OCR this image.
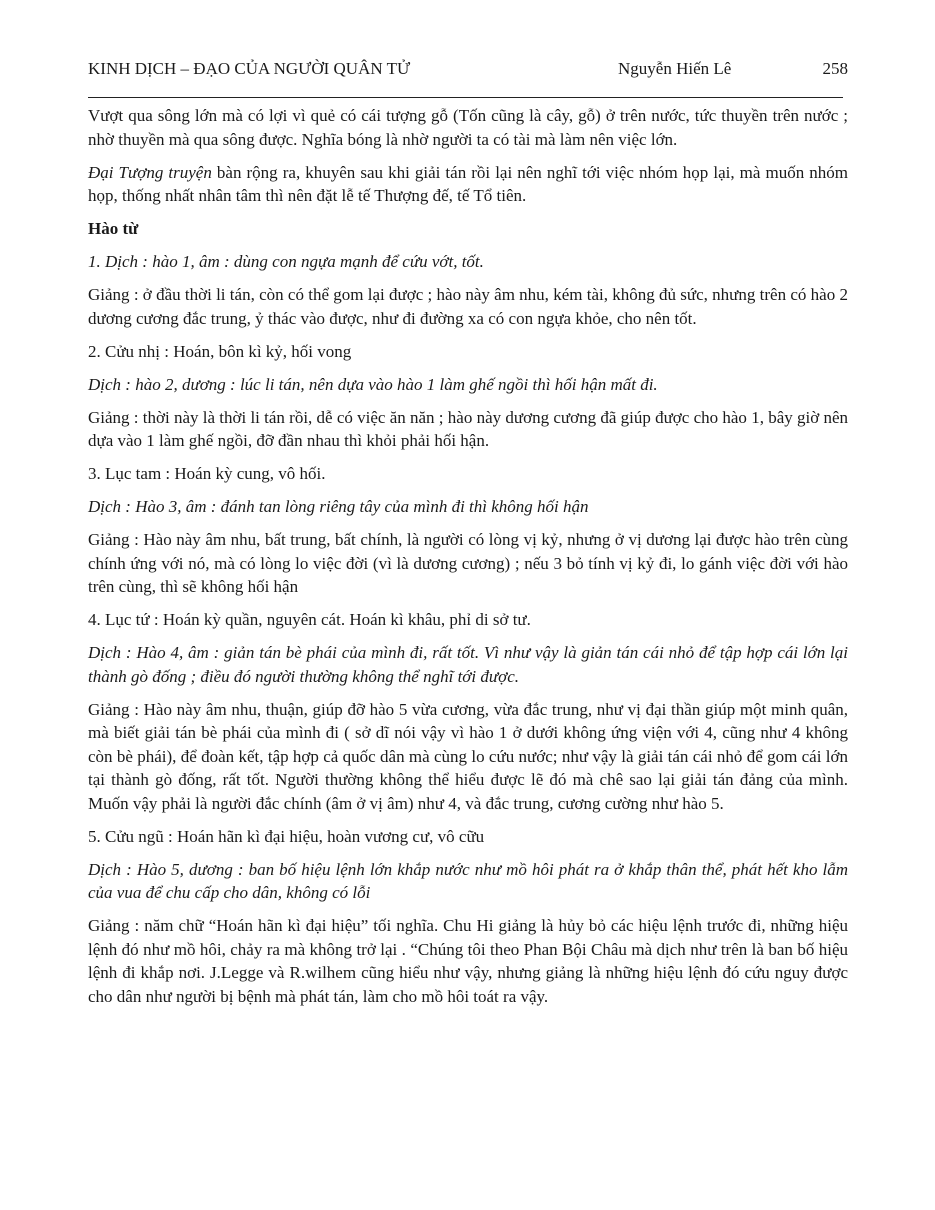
KINH DỊCH – ĐẠO CỦA NGƯỜI QUÂN TỬ	Nguyễn Hiến Lê	258

Vượt qua sông lớn mà có lợi vì quẻ có cái tượng gỗ (Tốn cũng là cây, gỗ) ở trên nước, tức thuyền trên nước ; nhờ thuyền mà qua sông được. Nghĩa bóng là nhờ người ta có tài mà làm nên việc lớn.

Đại Tượng truyện bàn rộng ra, khuyên sau khi giải tán rồi lại nên nghĩ tới việc nhóm họp lại, mà muốn nhóm họp, thống nhất nhân tâm thì nên đặt lễ tế Thượng đế, tế Tổ tiên.

Hào từ

1. Dịch : hào 1, âm : dùng con ngựa mạnh để cứu vớt, tốt.

Giảng : ở đầu thời li tán, còn có thể gom lại được ; hào này âm nhu, kém tài, không đủ sức, nhưng trên có hào 2 dương cương đắc trung, ỷ thác vào được, như đi đường xa có con ngựa khỏe, cho nên tốt.

2. Cửu nhị : Hoán, bôn kì kỷ, hối vong

Dịch : hào 2, dương : lúc li tán, nên dựa vào hào 1 làm ghế ngồi thì hối hận mất đi.

Giảng : thời này là thời li tán rồi, dễ có việc ăn năn ; hào này dương cương đã giúp được cho hào 1, bây giờ nên dựa vào 1 làm ghế ngồi, đỡ đần nhau thì khỏi phải hối hận.

3. Lục tam : Hoán kỳ cung, vô hối.

Dịch : Hào 3, âm : đánh tan lòng riêng tây của mình đi thì không hối hận

Giảng : Hào này âm nhu, bất trung, bất chính, là người có lòng vị kỷ, nhưng ở vị dương lại được hào trên cùng chính ứng với nó, mà có lòng lo việc đời (vì là dương cương) ; nếu 3 bỏ tính vị kỷ đi, lo gánh việc đời với hào trên cùng, thì sẽ không hối hận

4. Lục tứ : Hoán kỳ quần, nguyên cát. Hoán kì khâu, phỉ di sở tư.

Dịch : Hào 4, âm : giản tán bè phái của mình đi, rất tốt. Vì như vậy là giản tán cái nhỏ để tập hợp cái lớn lại thành gò đống ; điều đó người thường không thể nghĩ tới được.

Giảng : Hào này âm nhu, thuận, giúp đỡ hào 5 vừa cương, vừa đắc trung, như vị đại thần giúp một minh quân, mà biết giải tán bè phái của mình đi ( sở dĩ nói vậy vì hào 1 ở dưới không ứng viện với 4, cũng như 4 không còn bè phái), để đoàn kết, tập hợp cả quốc dân mà cùng lo cứu nước; như vậy là giải tán cái nhỏ để gom cái lớn tại thành gò đống, rất tốt. Người thường không thể hiểu được lẽ đó mà chê sao lại giải tán đảng của mình. Muốn vậy phải là người đắc chính (âm ở vị âm) như 4, và đắc trung, cương cường như hào 5.

5. Cửu ngũ : Hoán hãn kì đại hiệu, hoàn vương cư, vô cữu

Dịch : Hào 5, dương : ban bố hiệu lệnh lớn khắp nước như mồ hôi phát ra ở khắp thân thể, phát hết kho lẫm của vua để chu cấp cho dân, không có lỗi

Giảng : năm chữ “Hoán hãn kì đại hiệu” tối nghĩa. Chu Hi giảng là hủy bỏ các hiệu lệnh trước đi, những hiệu lệnh đó như mồ hôi, chảy ra mà không trở lại . “Chúng tôi theo Phan Bội Châu mà dịch như trên là ban bố hiệu lệnh đi khắp nơi. J.Legge và R.wilhem cũng hiểu như vậy, nhưng giảng là những hiệu lệnh đó cứu nguy được cho dân như người bị bệnh mà phát tán, làm cho mồ hôi toát ra vậy.
